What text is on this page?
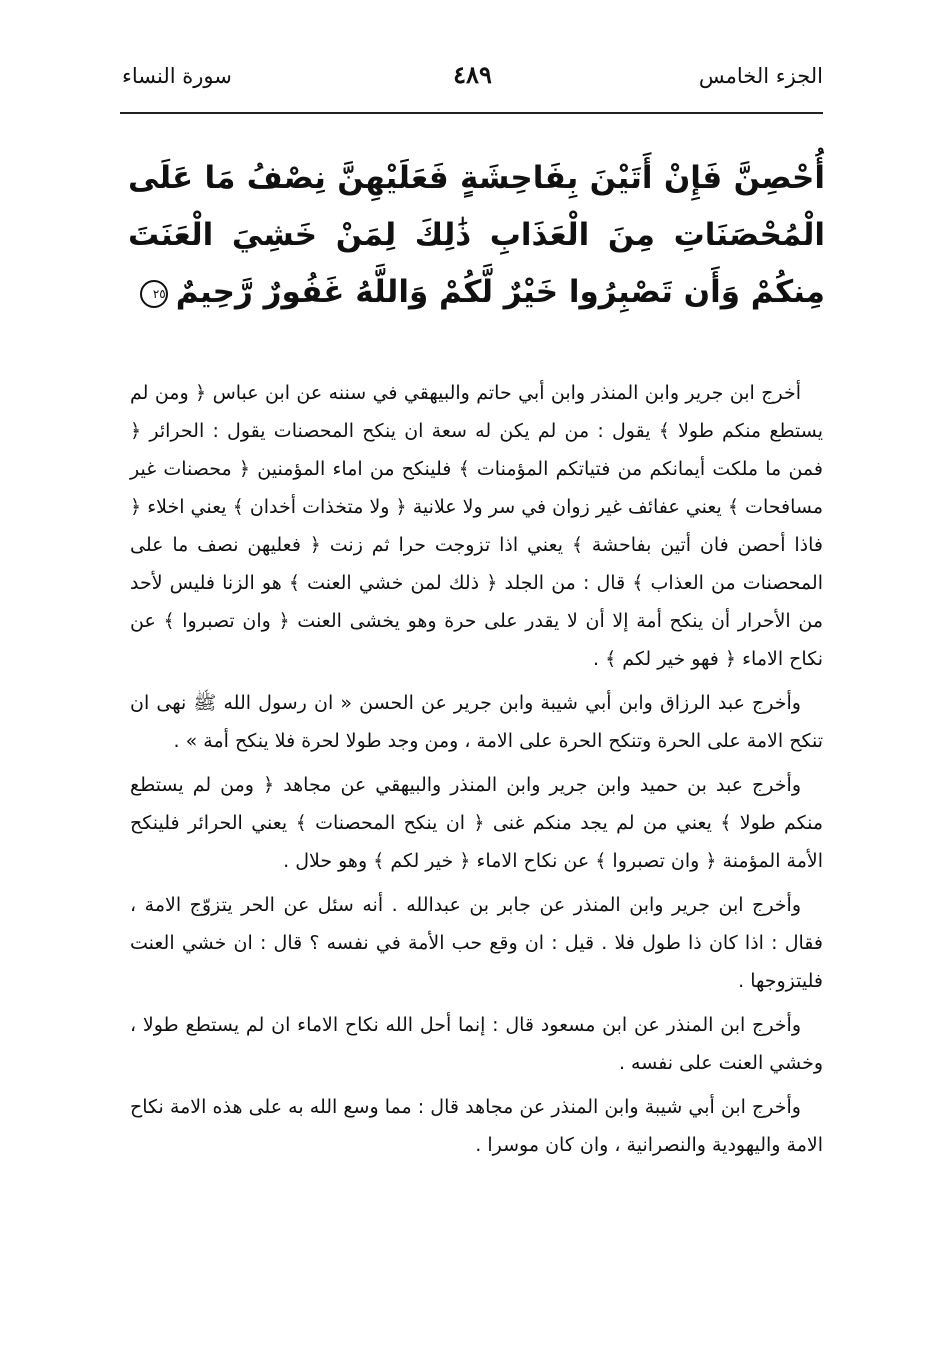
الجزء الخامس
٤٨٩
سورة النساء
أُحْصِنَّ فَإِنْ أَتَيْنَ بِفَاحِشَةٍ فَعَلَيْهِنَّ نِصْفُ مَا عَلَى الْمُحْصَنَاتِ مِنَ الْعَذَابِ ذَٰلِكَ لِمَنْ خَشِيَ الْعَنَتَ مِنكُمْ وَأَن تَصْبِرُوا خَيْرٌ لَّكُمْ وَاللَّهُ غَفُورٌ رَّحِيمٌ٢٥

أخرج ابن جرير وابن المنذر وابن أبي حاتم والبيهقي في سننه عن ابن عباس ﴿ ومن لم يستطع منكم طولا ﴾ يقول : من لم يكن له سعة ان ينكح المحصنات يقول : الحرائر ﴿ فمن ما ملكت أيمانكم من فتياتكم المؤمنات ﴾ فلينكح من اماء المؤمنين ﴿ محصنات غير مسافحات ﴾ يعني عفائف غير زوان في سر ولا علانية ﴿ ولا متخذات أخدان ﴾ يعني اخلاء ﴿ فاذا أحصن فان أتين بفاحشة ﴾ يعني اذا تزوجت حرا ثم زنت ﴿ فعليهن نصف ما على المحصنات من العذاب ﴾ قال : من الجلد ﴿ ذلك لمن خشي العنت ﴾ هو الزنا فليس لأحد من الأحرار أن ينكح أمة إلا أن لا يقدر على حرة وهو يخشى العنت ﴿ وان تصبروا ﴾ عن نكاح الاماء ﴿ فهو خير لكم ﴾ .

وأخرج عبد الرزاق وابن أبي شيبة وابن جرير عن الحسن « ان رسول الله ﷺ نهى ان تنكح الامة على الحرة وتنكح الحرة على الامة ، ومن وجد طولا لحرة فلا ينكح أمة » .

وأخرج عبد بن حميد وابن جرير وابن المنذر والبيهقي عن مجاهد ﴿ ومن لم يستطع منكم طولا ﴾ يعني من لم يجد منكم غنى ﴿ ان ينكح المحصنات ﴾ يعني الحرائر فلينكح الأمة المؤمنة ﴿ وان تصبروا ﴾ عن نكاح الاماء ﴿ خير لكم ﴾ وهو حلال .

وأخرج ابن جرير وابن المنذر عن جابر بن عبدالله . أنه سئل عن الحر يتزوّج الامة ، فقال : اذا كان ذا طول فلا . قيل : ان وقع حب الأمة في نفسه ؟ قال : ان خشي العنت فليتزوجها .

وأخرج ابن المنذر عن ابن مسعود قال : إنما أحل الله نكاح الاماء ان لم يستطع طولا ، وخشي العنت على نفسه .

وأخرج ابن أبي شيبة وابن المنذر عن مجاهد قال : مما وسع الله به على هذه الامة نكاح الامة واليهودية والنصرانية ، وان كان موسرا .
